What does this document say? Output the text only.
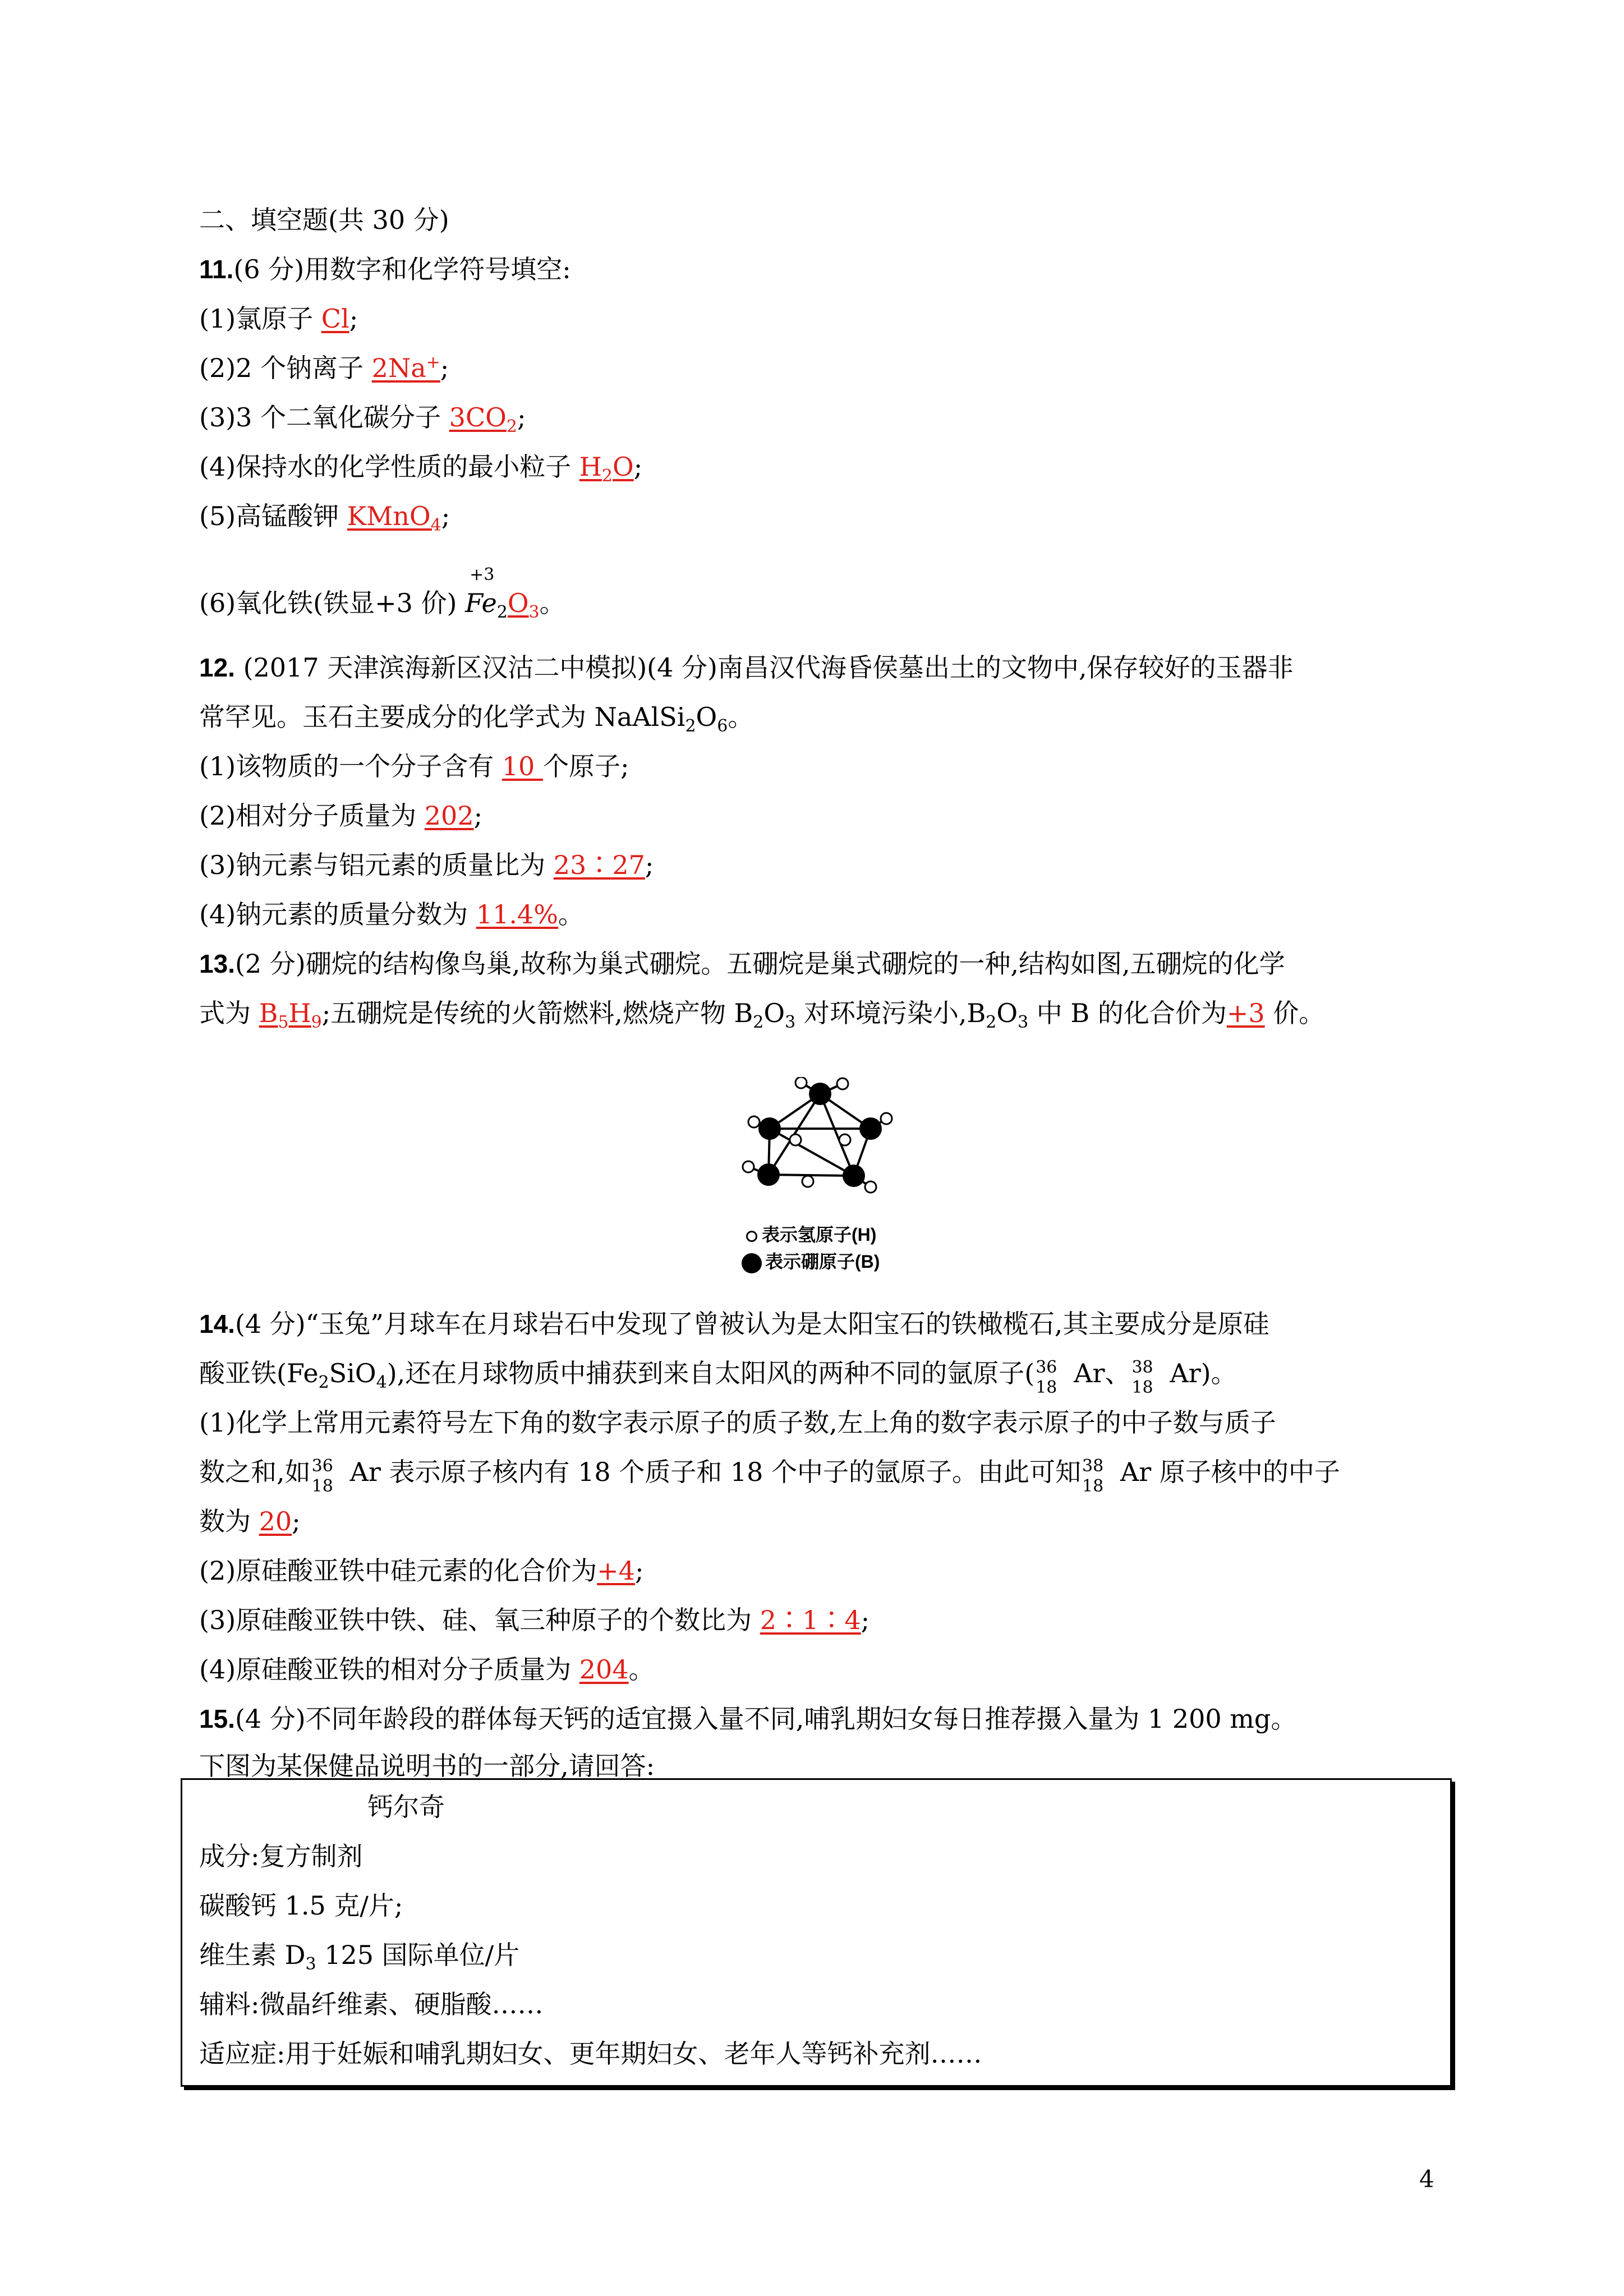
二、填空题(共 30 分)
11.(6 分)用数字和化学符号填空:
(1)氯原子 Cl;
(2)2 个钠离子 2Na+;
(3)3 个二氧化碳分子 $3CO_2$;
(4)保持水的化学性质的最小粒子 $H_2O$;
(5)高锰酸钾 KMnO$_4$;
(6)氧化铁(铁显+3 价)
+3
$Fe_2O_3$。
12. (2017 天津滨海新区汉沽二中模拟)(4 分)南昌汉代海昏侯墓出土的文物中,保存较好的玉器非
常罕见。玉石主要成分的化学式为 $NaAlSi_2O_6$。
(1)该物质的一个分子含有 10 个原子;
(2)相对分子质量为 202;
(3)钠元素与铝元素的质量比为 23∶27;
(4)钠元素的质量分数为 11.4%。
13.(2 分)硼烷的结构像鸟巢,故称为巢式硼烷。五硼烷是巢式硼烷的一种,结构如图,五硼烷的化学
式为 $B_5H_9$;五硼烷是传统的火箭燃料,燃烧产物 $B_2O_3$ 对环境污染小$,B_2O_3$ 中 B 的化合价为+3 价。
表示氢原子(H)
表示硼原子(B)
14.(4 分)“玉兔”月球车在月球岩石中发现了曾被认为是太阳宝石的铁橄榄石,其主要成分是原硅
酸亚铁$(Fe_2SiO_4)$,还在月球物质中捕获到来自太阳风的两种不同的氩原子( 36
18 Ar、 38
18 Ar)。
(1)化学上常用元素符号左下角的数字表示原子的质子数,左上角的数字表示原子的中子数与质子
数之和,如 36
18 Ar 表示原子核内有 18 个质子和 18 个中子的氩原子。由此可知 38
18 Ar 原子核中的中子
数为 20;
(2)原硅酸亚铁中硅元素的化合价为+4;
(3)原硅酸亚铁中铁、硅、氧三种原子的个数比为 2∶1∶4;
(4)原硅酸亚铁的相对分子质量为 204。
15.(4 分)不同年龄段的群体每天钙的适宜摄入量不同,哺乳期妇女每日推荐摄入量为 1 200 mg。
下图为某保健品说明书的一部分,请回答:
钙尔奇
成分:复方制剂
碳酸钙 1.5 克/片;
维生素 $D_3$ 125 国际单位/片
辅料:微晶纤维素、硬脂酸……
适应症:用于妊娠和哺乳期妇女、更年期妇女、老年人等钙补充剂……
4
